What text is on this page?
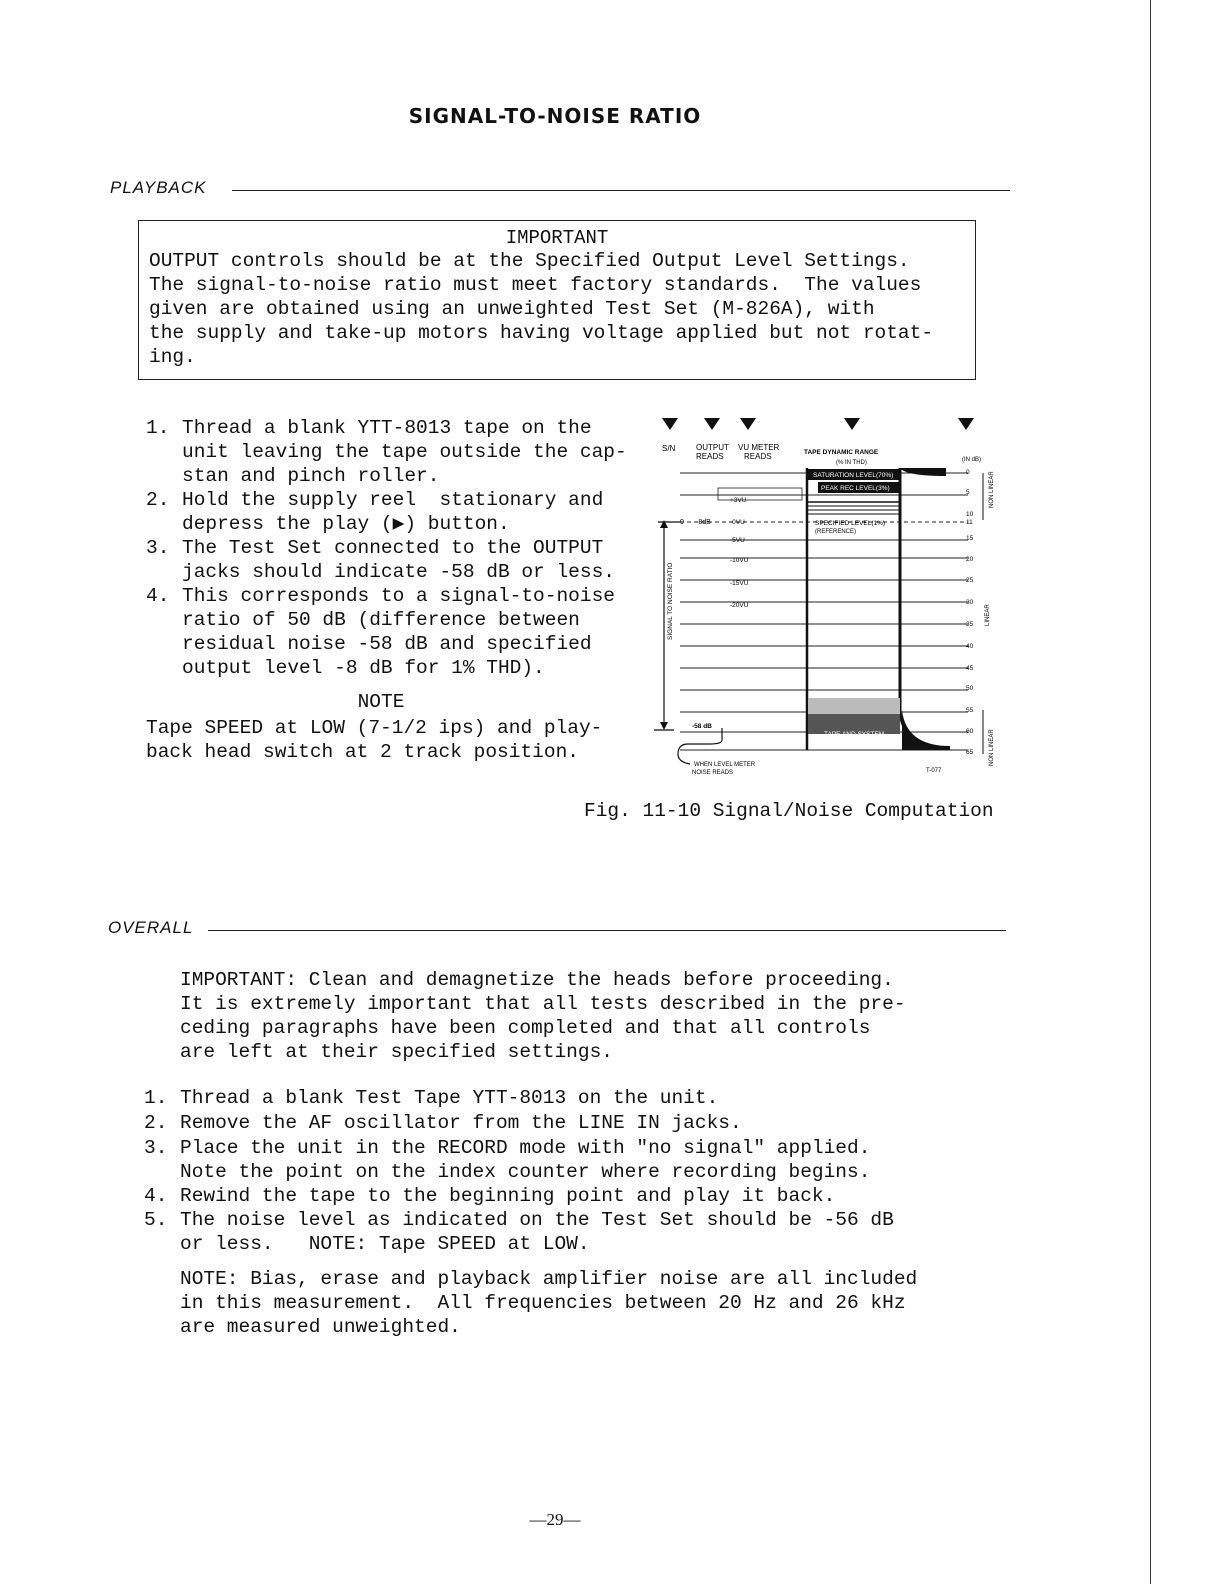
SIGNAL-TO-NOISE RATIO
PLAYBACK
IMPORTANT
OUTPUT controls should be at the Specified Output Level Settings.
The signal-to-noise ratio must meet factory standards.  The values
given are obtained using an unweighted Test Set (M-826A), with
the supply and take-up motors having voltage applied but not rotat-
ing.
1. Thread a blank YTT-8013 tape on the
unit leaving the tape outside the cap-
stan and pinch roller.
2. Hold the supply reel  stationary and
depress the play (▶) button.
3. The Test Set connected to the OUTPUT
jacks should indicate -58 dB or less.
4. This corresponds to a signal-to-noise
ratio of 50 dB (difference between
residual noise -58 dB and specified
output level -8 dB for 1% THD).
NOTE
Tape SPEED at LOW (7-1/2 ips) and play-
back head switch at 2 track position.
S/N	OUTPUT
READS
VU METER
READS	TAPE DYNAMIC RANGE
(% IN THD)	(IN dB)
SATURATION LEVEL(70%)
PEAK REC LEVEL(3%)
SPECIFIED LEVEL(1%)
(REFERENCE)
TAPE AND SYSTEM
NOISE
+3VU
-0VU
-5VU
-10VU
-15VU
-20VU
0 -8dB
SIGNAL TO NOISE RATIO
-58 dB
WHEN LEVEL METER
NOISE READS	T-077
0
5
10
11
15
20
25
30
35
40
45
50
55
60
65
NON LINEAR
LINEAR
NON LINEAR
Fig. 11-10 Signal/Noise Computation
OVERALL
IMPORTANT: Clean and demagnetize the heads before proceeding.
It is extremely important that all tests described in the pre-
ceding paragraphs have been completed and that all controls
are left at their specified settings.
1. Thread a blank Test Tape YTT-8013 on the unit.
2. Remove the AF oscillator from the LINE IN jacks.
3. Place the unit in the RECORD mode with "no signal" applied.
Note the point on the index counter where recording begins.
4. Rewind the tape to the beginning point and play it back.
5. The noise level as indicated on the Test Set should be -56 dB
or less.   NOTE: Tape SPEED at LOW.
NOTE: Bias, erase and playback amplifier noise are all included
in this measurement.  All frequencies between 20 Hz and 26 kHz
are measured unweighted.
—29—
